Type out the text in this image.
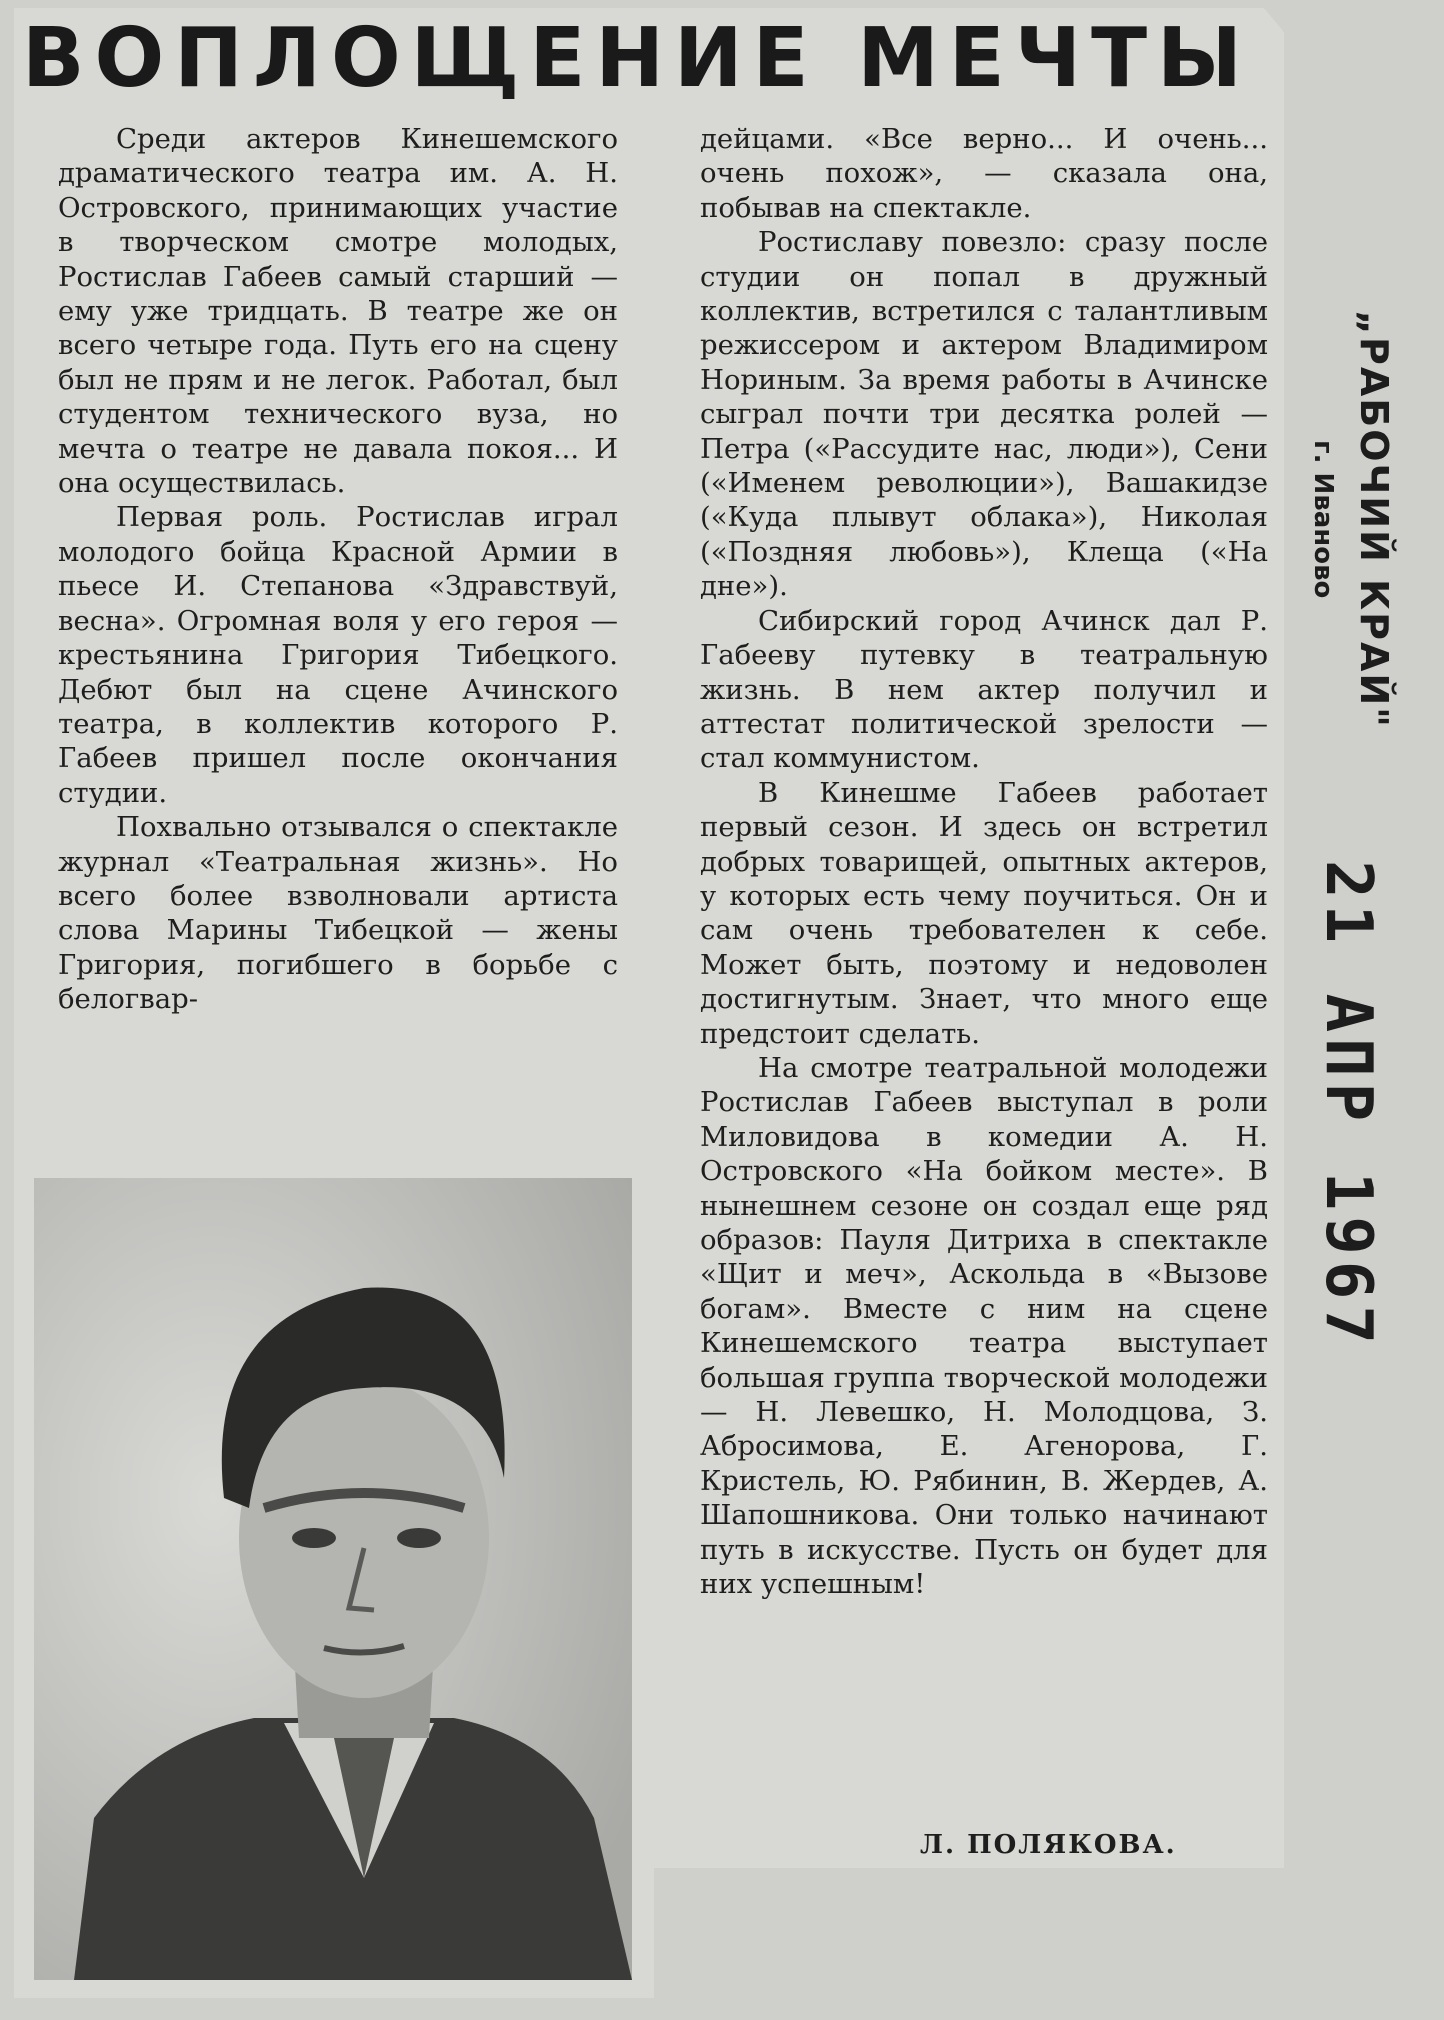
ВОПЛОЩЕНИЕ МЕЧТЫ

Среди актеров Кинешемского драматического театра им. А. Н. Островского, принимающих участие в творческом смотре молодых, Ростислав Габеев самый старший — ему уже тридцать. В театре же он всего четыре года. Путь его на сцену был не прям и не легок. Работал, был студентом технического вуза, но мечта о театре не давала покоя... И она осуществилась.

Первая роль. Ростислав играл молодого бойца Красной Армии в пьесе И. Степанова «Здравствуй, весна». Огромная воля у его героя — крестьянина Григория Тибецкого. Дебют был на сцене Ачинского театра, в коллектив которого Р. Габеев пришел после окончания студии.

Похвально отзывался о спектакле журнал «Театральная жизнь». Но всего более взволновали артиста слова Марины Тибецкой — жены Григория, погибшего в борьбе с белогвар-

дейцами. «Все верно... И очень... очень похож», — сказала она, побывав на спектакле.

Ростиславу повезло: сразу после студии он попал в дружный коллектив, встретился с талантливым режиссером и актером Владимиром Нориным. За время работы в Ачинске сыграл почти три десятка ролей — Петра («Рассудите нас, люди»), Сени («Именем революции»), Вашакидзе («Куда плывут облака»), Николая («Поздняя любовь»), Клеща («На дне»).

Сибирский город Ачинск дал Р. Габееву путевку в театральную жизнь. В нем актер получил и аттестат политической зрелости — стал коммунистом.

В Кинешме Габеев работает первый сезон. И здесь он встретил добрых товарищей, опытных актеров, у которых есть чему поучиться. Он и сам очень требователен к себе. Может быть, поэтому и недоволен достигнутым. Знает, что много еще предстоит сделать.

На смотре театральной молодежи Ростислав Габеев выступал в роли Миловидова в комедии А. Н. Островского «На бойком месте». В нынешнем сезоне он создал еще ряд образов: Пауля Дитриха в спектакле «Щит и меч», Аскольда в «Вызове богам». Вместе с ним на сцене Кинешемского театра выступает большая группа творческой молодежи — Н. Левешко, Н. Молодцова, З. Абросимова, Е. Агенорова, Г. Кристель, Ю. Рябинин, В. Жердев, А. Шапошникова. Они только начинают путь в искусстве. Пусть он будет для них успешным!

Л. ПОЛЯКОВА.
„РАБОЧИЙ КРАЙ"
г. Иваново
21 АПР 1967
